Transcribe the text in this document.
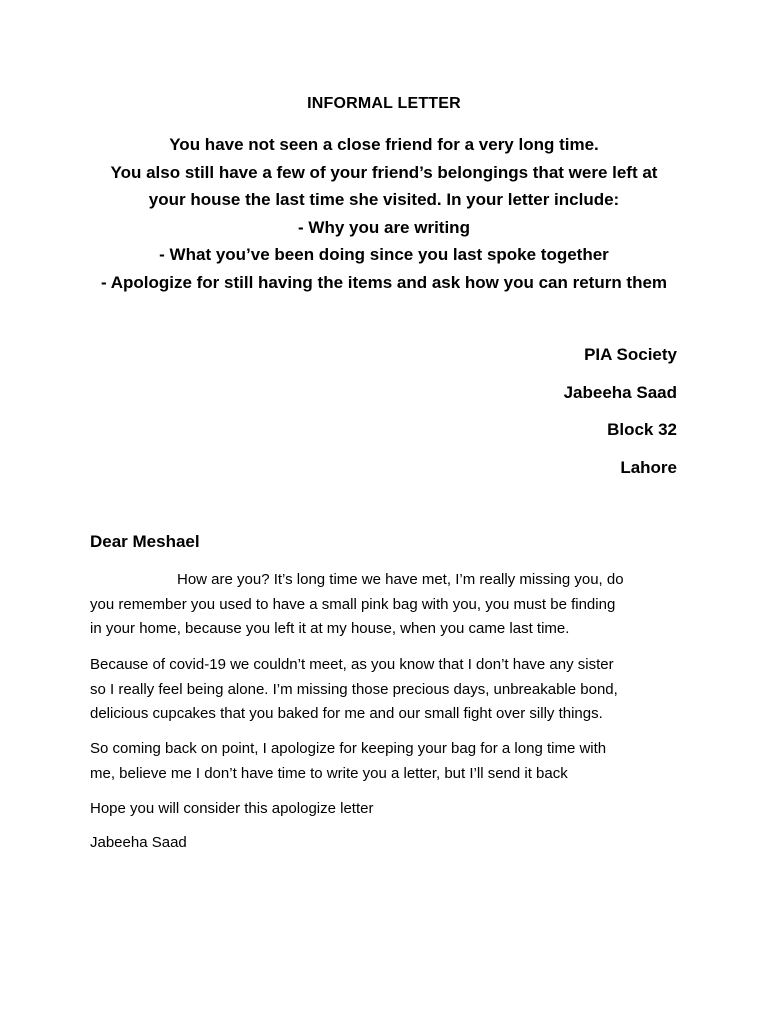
INFORMAL LETTER
You have not seen a close friend for a very long time.
You also still have a few of your friend’s belongings that were left at
your house the last time she visited. In your letter include:
- Why you are writing
- What you’ve been doing since you last spoke together
- Apologize for still having the items and ask how you can return them
PIA Society
Jabeeha Saad
Block 32
Lahore
Dear Meshael
How are you? It’s long time we have met, I’m really missing you, do
you remember you used to have a small pink bag with you, you must be finding
in your home, because you left it at my house, when you came last time.
Because of covid-19 we couldn’t meet, as you know that I don’t have any sister
so I really feel being alone. I’m missing those precious days, unbreakable bond,
delicious cupcakes that you baked for me and our small fight over silly things.
So coming back on point, I apologize for keeping your bag for a long time with
me, believe me I don’t have time to write you a letter, but I’ll send it back
Hope you will consider this apologize letter
Jabeeha Saad
